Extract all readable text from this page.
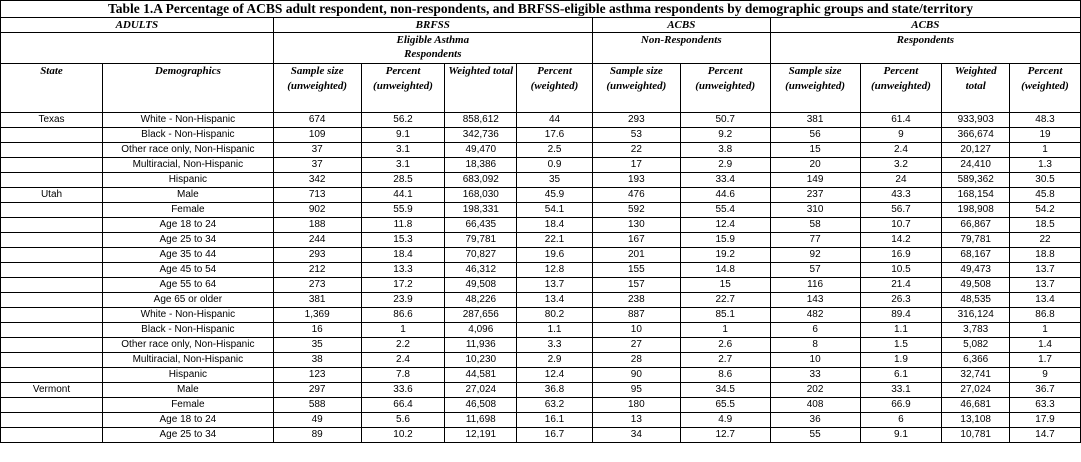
Table 1.A Percentage of ACBS adult respondent, non-respondents, and BRFSS-eligible asthma respondents by demographic groups and state/territory											
ADULTS		BRFSS				ACBS		ACBS			
		Eligible Asthma Respondents				Non-Respondents		Respondents			
State	Demographics	Sample size (unweighted)	Percent (unweighted)	Weighted total	Percent (weighted)	Sample size (unweighted)	Percent (unweighted)	Sample size (unweighted)	Percent (unweighted)	Weighted total	Percent (weighted)
Texas	White - Non-Hispanic	674	56.2	858,612	44	293	50.7	381	61.4	933,903	48.3
	Black - Non-Hispanic	109	9.1	342,736	17.6	53	9.2	56	9	366,674	19
	Other race only, Non-Hispanic	37	3.1	49,470	2.5	22	3.8	15	2.4	20,127	1
	Multiracial, Non-Hispanic	37	3.1	18,386	0.9	17	2.9	20	3.2	24,410	1.3
	Hispanic	342	28.5	683,092	35	193	33.4	149	24	589,362	30.5
Utah	Male	713	44.1	168,030	45.9	476	44.6	237	43.3	168,154	45.8
	Female	902	55.9	198,331	54.1	592	55.4	310	56.7	198,908	54.2
	Age 18 to 24	188	11.8	66,435	18.4	130	12.4	58	10.7	66,867	18.5
	Age 25 to 34	244	15.3	79,781	22.1	167	15.9	77	14.2	79,781	22
	Age 35 to 44	293	18.4	70,827	19.6	201	19.2	92	16.9	68,167	18.8
	Age 45 to 54	212	13.3	46,312	12.8	155	14.8	57	10.5	49,473	13.7
	Age 55 to 64	273	17.2	49,508	13.7	157	15	116	21.4	49,508	13.7
	Age 65 or older	381	23.9	48,226	13.4	238	22.7	143	26.3	48,535	13.4
	White - Non-Hispanic	1,369	86.6	287,656	80.2	887	85.1	482	89.4	316,124	86.8
	Black - Non-Hispanic	16	1	4,096	1.1	10	1	6	1.1	3,783	1
	Other race only, Non-Hispanic	35	2.2	11,936	3.3	27	2.6	8	1.5	5,082	1.4
	Multiracial, Non-Hispanic	38	2.4	10,230	2.9	28	2.7	10	1.9	6,366	1.7
	Hispanic	123	7.8	44,581	12.4	90	8.6	33	6.1	32,741	9
Vermont	Male	297	33.6	27,024	36.8	95	34.5	202	33.1	27,024	36.7
	Female	588	66.4	46,508	63.2	180	65.5	408	66.9	46,681	63.3
	Age 18 to 24	49	5.6	11,698	16.1	13	4.9	36	6	13,108	17.9
	Age 25 to 34	89	10.2	12,191	16.7	34	12.7	55	9.1	10,781	14.7
